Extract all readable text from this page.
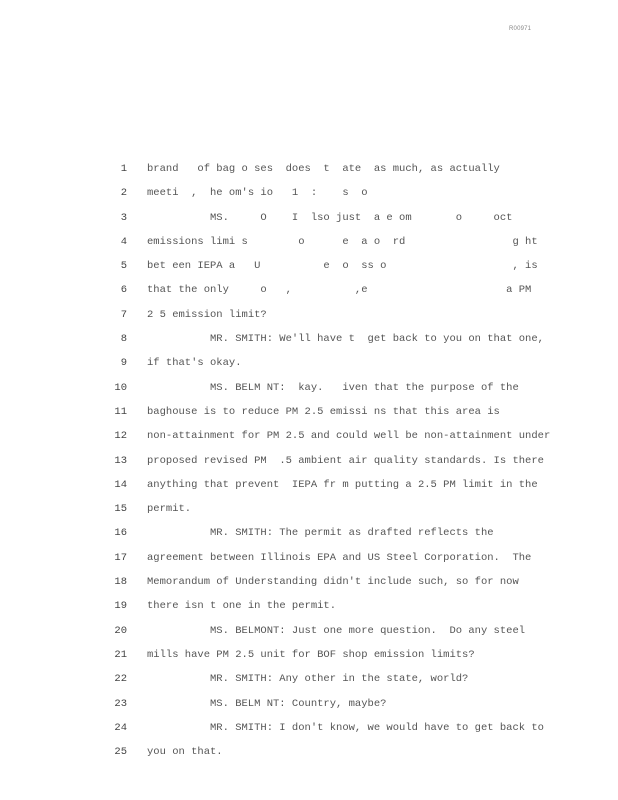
R00971
1 brand   of bag o ses  does  t  ate  as much, as actually
2 meeti  ,  he om's io   1  :    s  o
3	MS.     O    I  lso just  a e om       o     oct
4 emissions limi s        o      e  a o  rd                 g ht
5 bet een IEPA a   U          e  o  ss o                    , is
6 that the only     o   ,          ,e                      a PM
7 2 5 emission limit?
8	MR. SMITH: We'll have t  get back to you on that one,
9 if that's okay.
10	MS. BELM NT:  kay.   iven that the purpose of the
11 baghouse is to reduce PM 2.5 emissi ns that this area is
12 non-attainment for PM 2.5 and could well be non-attainment under
13 proposed revised PM  .5 ambient air quality standards. Is there
14 anything that prevent  IEPA fr m putting a 2.5 PM limit in the
15 permit.
16	MR. SMITH: The permit as drafted reflects the
17 agreement between Illinois EPA and US Steel Corporation.  The
18 Memorandum of Understanding didn't include such, so for now
19 there isn t one in the permit.
20	MS. BELMONT: Just one more question.  Do any steel
21 mills have PM 2.5 unit for BOF shop emission limits?
22	MR. SMITH: Any other in the state, world?
23	MS. BELM NT: Country, maybe?
24	MR. SMITH: I don't know, we would have to get back to
25 you on that.
